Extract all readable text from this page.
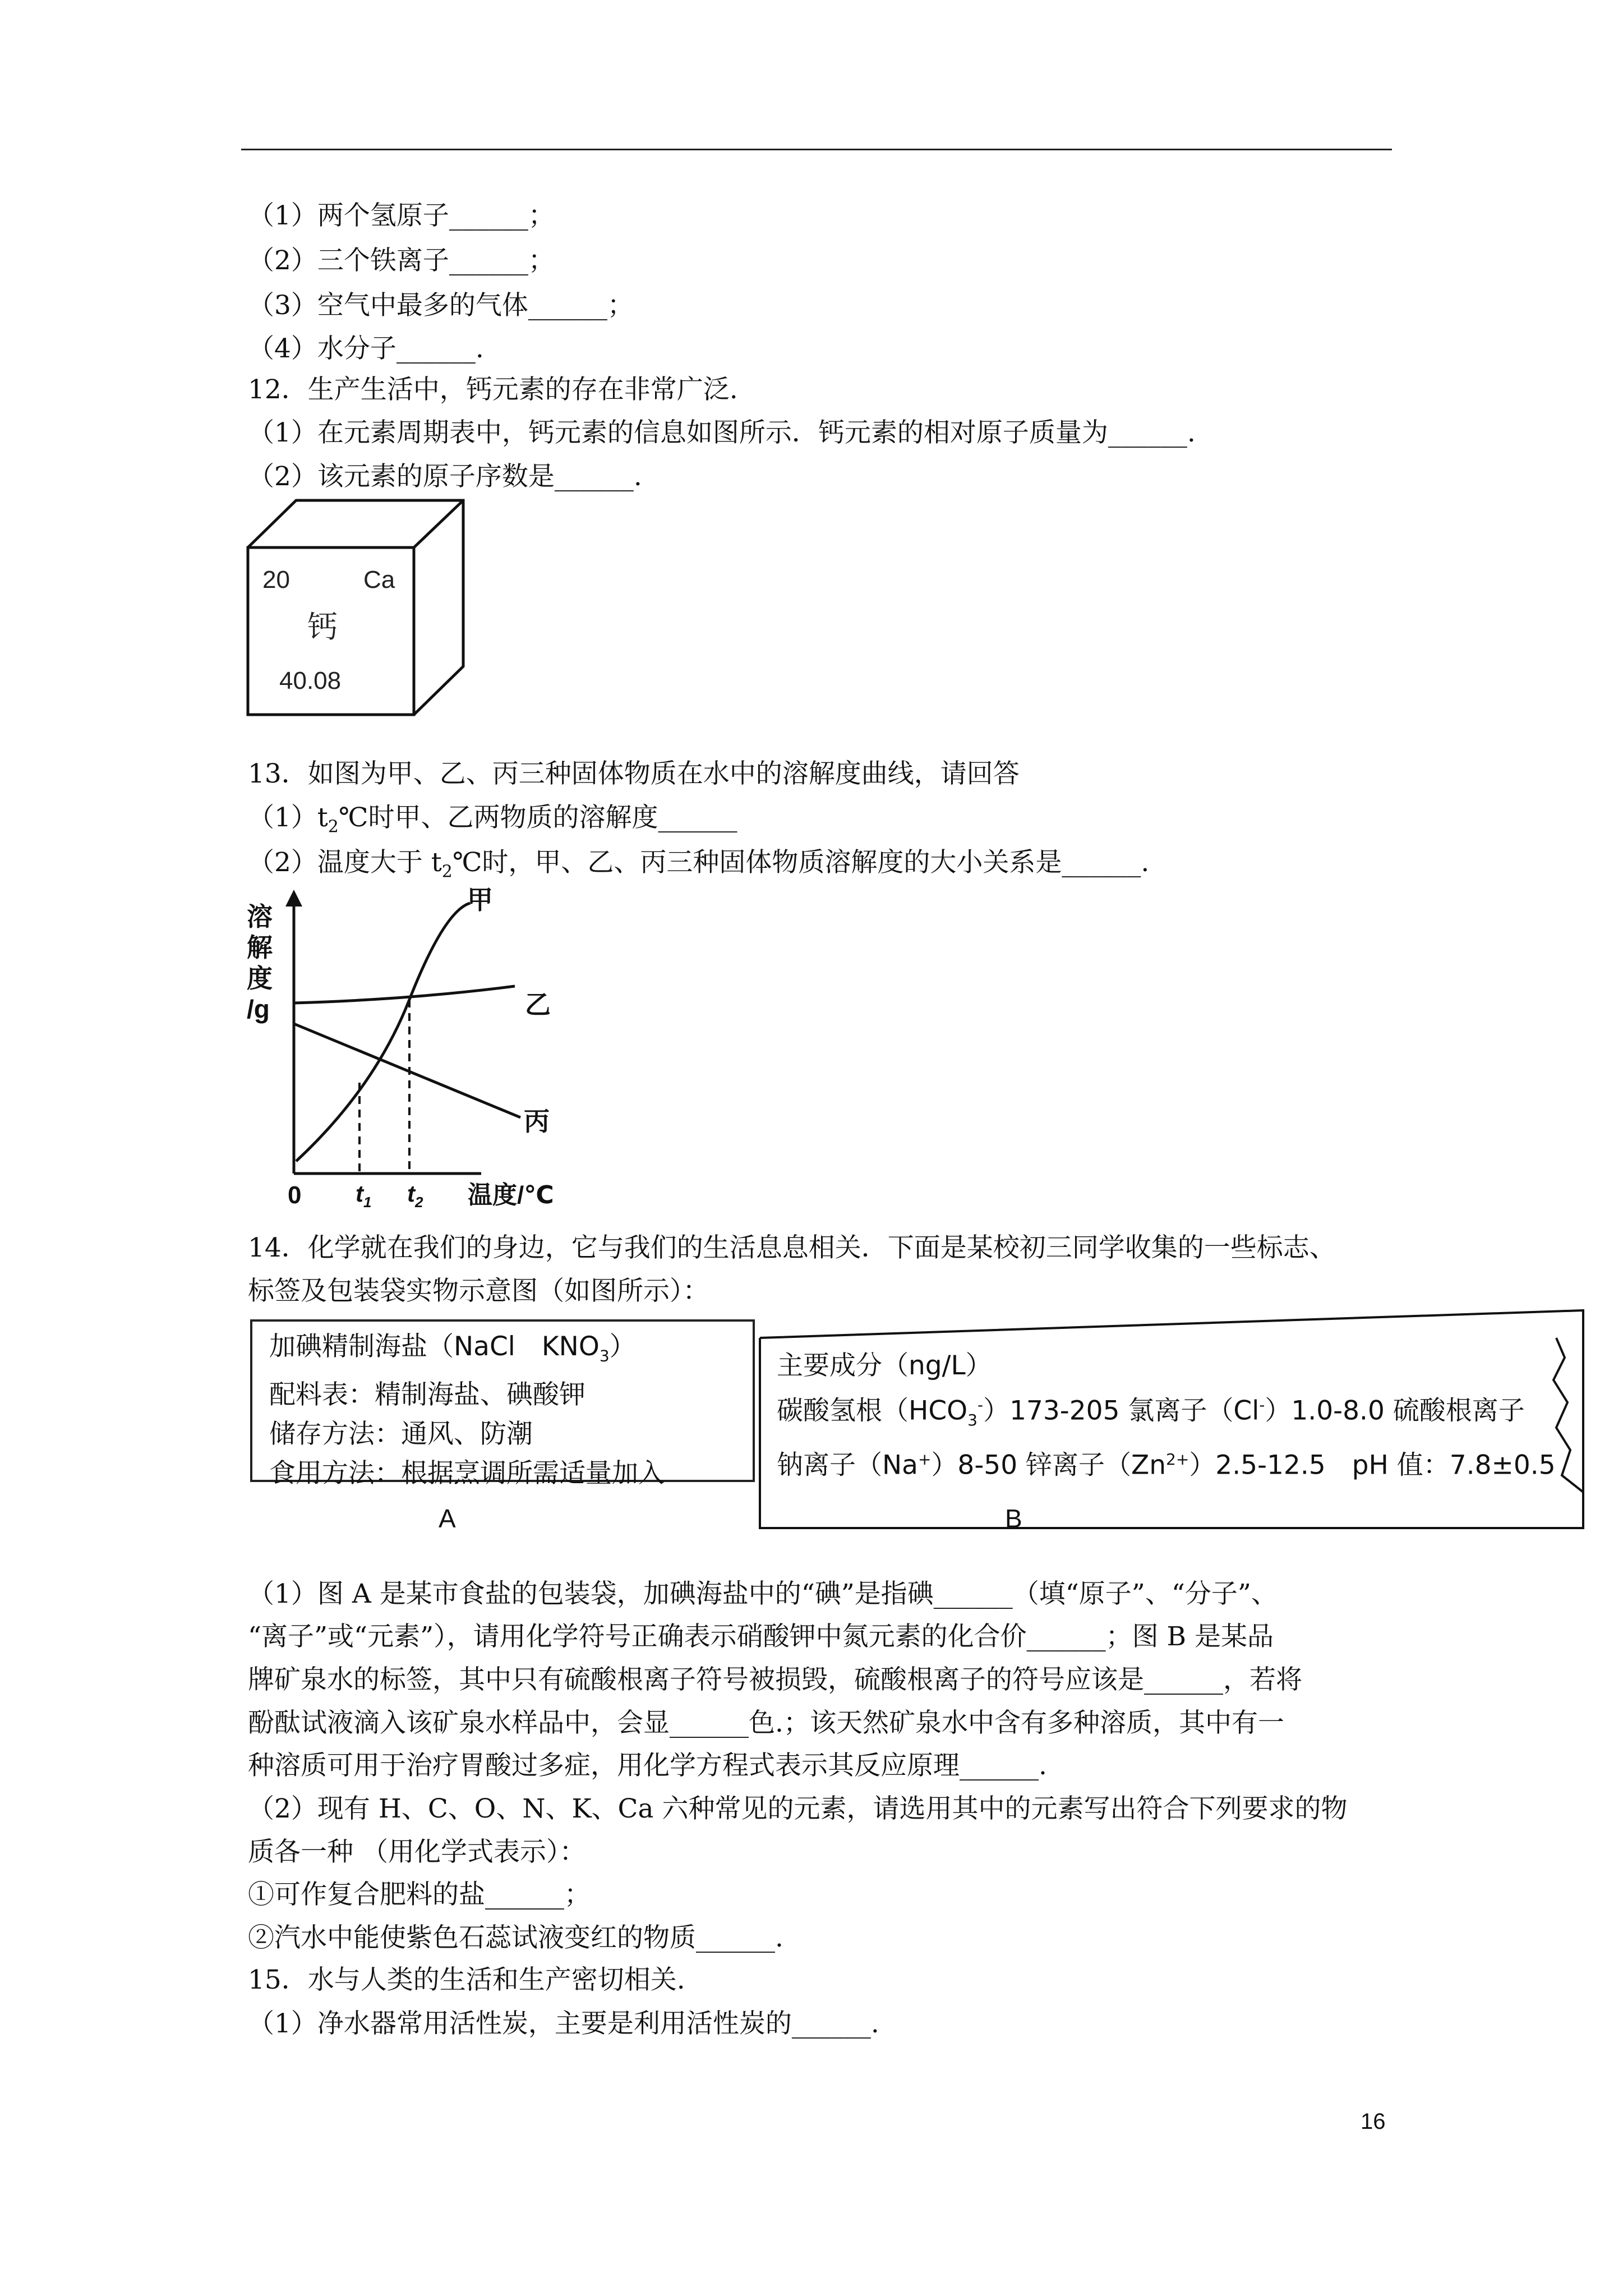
（1）两个氢原子______；
（2）三个铁离子______；
（3）空气中最多的气体______；
（4）水分子______.
12．生产生活中，钙元素的存在非常广泛.
（1）在元素周期表中，钙元素的信息如图所示．钙元素的相对原子质量为______.
（2）该元素的原子序数是______.
20	Ca
钙
40.08
13．如图为甲、乙、丙三种固体物质在水中的溶解度曲线，请回答
$(1)t_2℃$时甲、乙两物质的溶解度______
（2）温度大于 $t_2℃$时，甲、乙、丙三种固体物质溶解度的大小关系是______.
溶
解
度
/g
甲
乙
丙
0 $t_1$ $t_2$ 温度/℃
14．化学就在我们的身边，它与我们的生活息息相关．下面是某校初三同学收集的一些标志、
标签及包装袋实物示意图（如图所示）：
加碘精制海盐（NaCl　$KNO_3$）
配料表：精制海盐、碘酸钾
储存方法：通风、防潮
食用方法：根据烹调所需适量加入
A
主要成分（ng/L）
碳酸氢根$(HCO_3^-)173-205$ 氯离子（Cl-）1.0-8.0 硫酸根离子
钠离子（Na+）8-50 锌离子$(Zn^{2+})2.5-12.5$　pH 值：7.8±0.5
B
（1）图 A 是某市食盐的包装袋，加碘海盐中的“碘”是指碘______（填“原子”、“分子”、
“离子”或“元素”），请用化学符号正确表示硝酸钾中氮元素的化合价______；图 B 是某品
牌矿泉水的标签，其中只有硫酸根离子符号被损毁，硫酸根离子的符号应该是______，若将
酚酞试液滴入该矿泉水样品中，会显______色.；该天然矿泉水中含有多种溶质，其中有一
种溶质可用于治疗胃酸过多症，用化学方程式表示其反应原理______.
（2）现有 H、C、O、N、K、Ca 六种常见的元素，请选用其中的元素写出符合下列要求的物
质各一种 （用化学式表示）：
①可作复合肥料的盐______；
②汽水中能使紫色石蕊试液变红的物质______.
15．水与人类的生活和生产密切相关.
（1）净水器常用活性炭，主要是利用活性炭的______.
16
